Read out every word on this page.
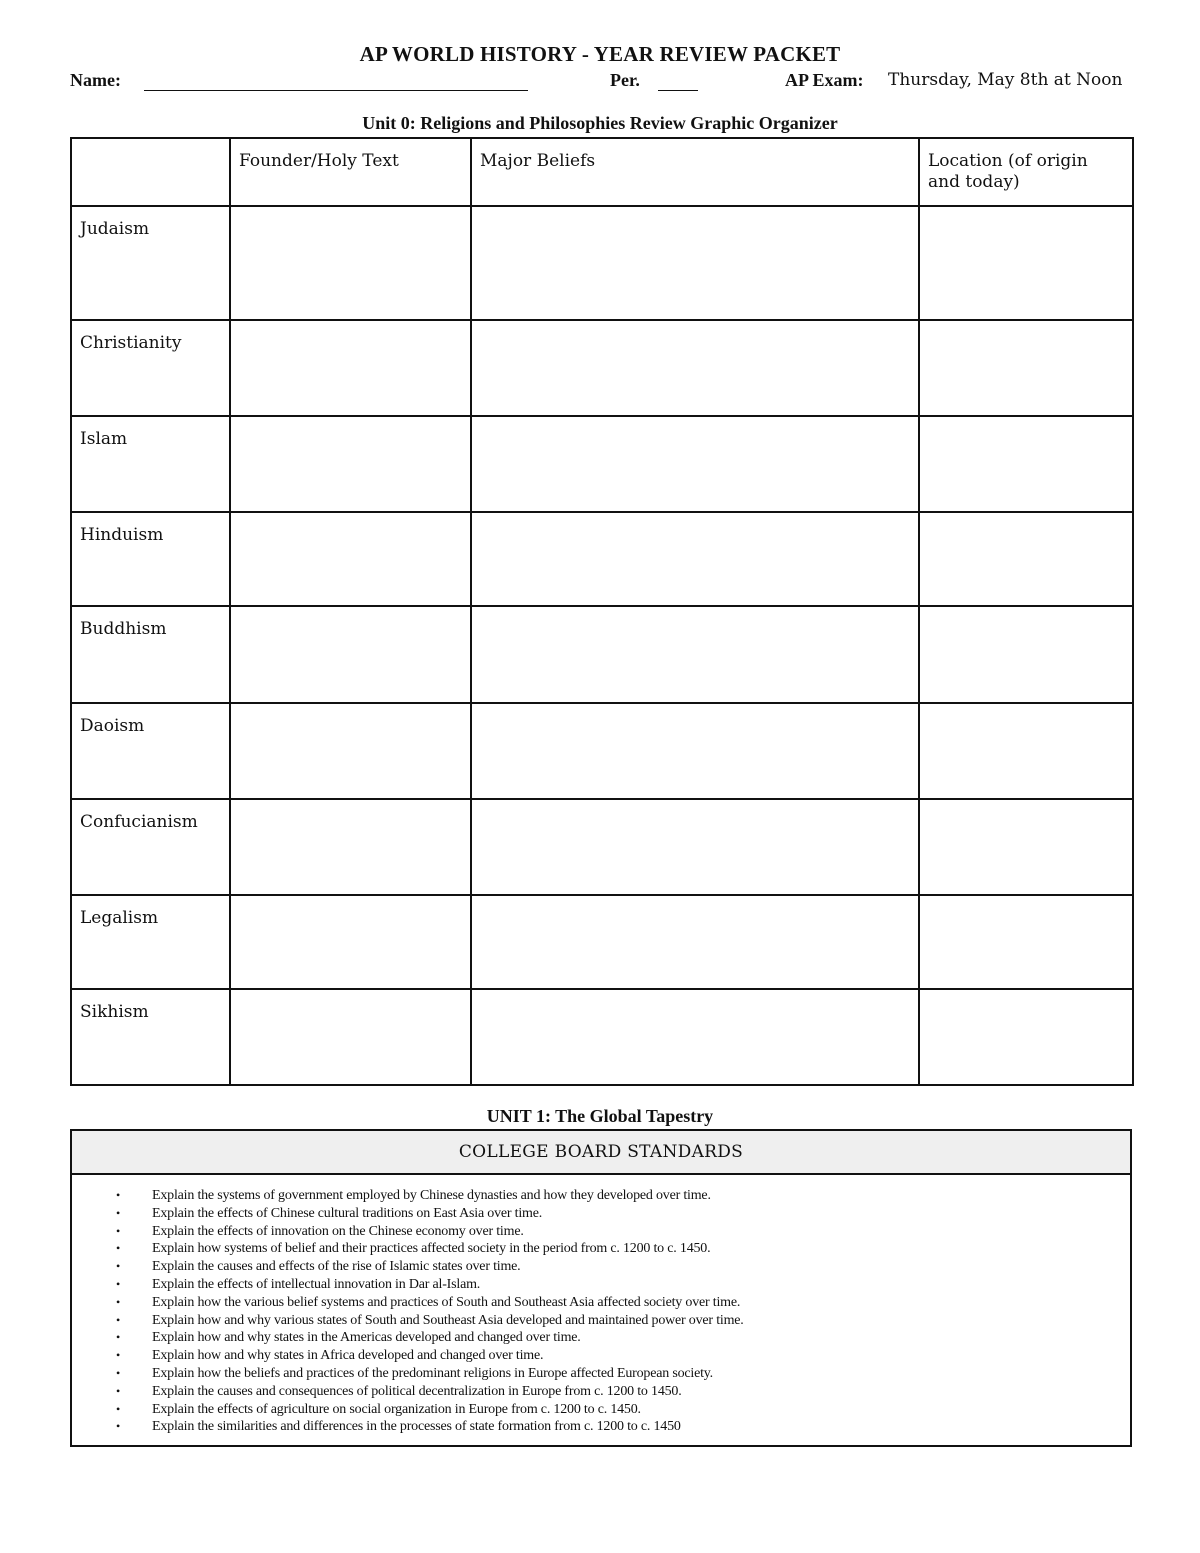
AP WORLD HISTORY - YEAR REVIEW PACKET
Name:	Per.	AP Exam: Thursday, May 8th at Noon
Unit 0: Religions and Philosophies Review Graphic Organizer
	Founder/Holy Text	Major Beliefs	Location (of origin and today)
Judaism			
Christianity			
Islam			
Hinduism			
Buddhism			
Daoism			
Confucianism			
Legalism			
Sikhism			
UNIT 1: The Global Tapestry
COLLEGE BOARD STANDARDS
• Explain the systems of government employed by Chinese dynasties and how they developed over time.
• Explain the effects of Chinese cultural traditions on East Asia over time.
• Explain the effects of innovation on the Chinese economy over time.
• Explain how systems of belief and their practices affected society in the period from c. 1200 to c. 1450.
• Explain the causes and effects of the rise of Islamic states over time.
• Explain the effects of intellectual innovation in Dar al-Islam.
• Explain how the various belief systems and practices of South and Southeast Asia affected society over time.
• Explain how and why various states of South and Southeast Asia developed and maintained power over time.
• Explain how and why states in the Americas developed and changed over time.
• Explain how and why states in Africa developed and changed over time.
• Explain how the beliefs and practices of the predominant religions in Europe affected European society.
• Explain the causes and consequences of political decentralization in Europe from c. 1200 to 1450.
• Explain the effects of agriculture on social organization in Europe from c. 1200 to c. 1450.
• Explain the similarities and differences in the processes of state formation from c. 1200 to c. 1450
